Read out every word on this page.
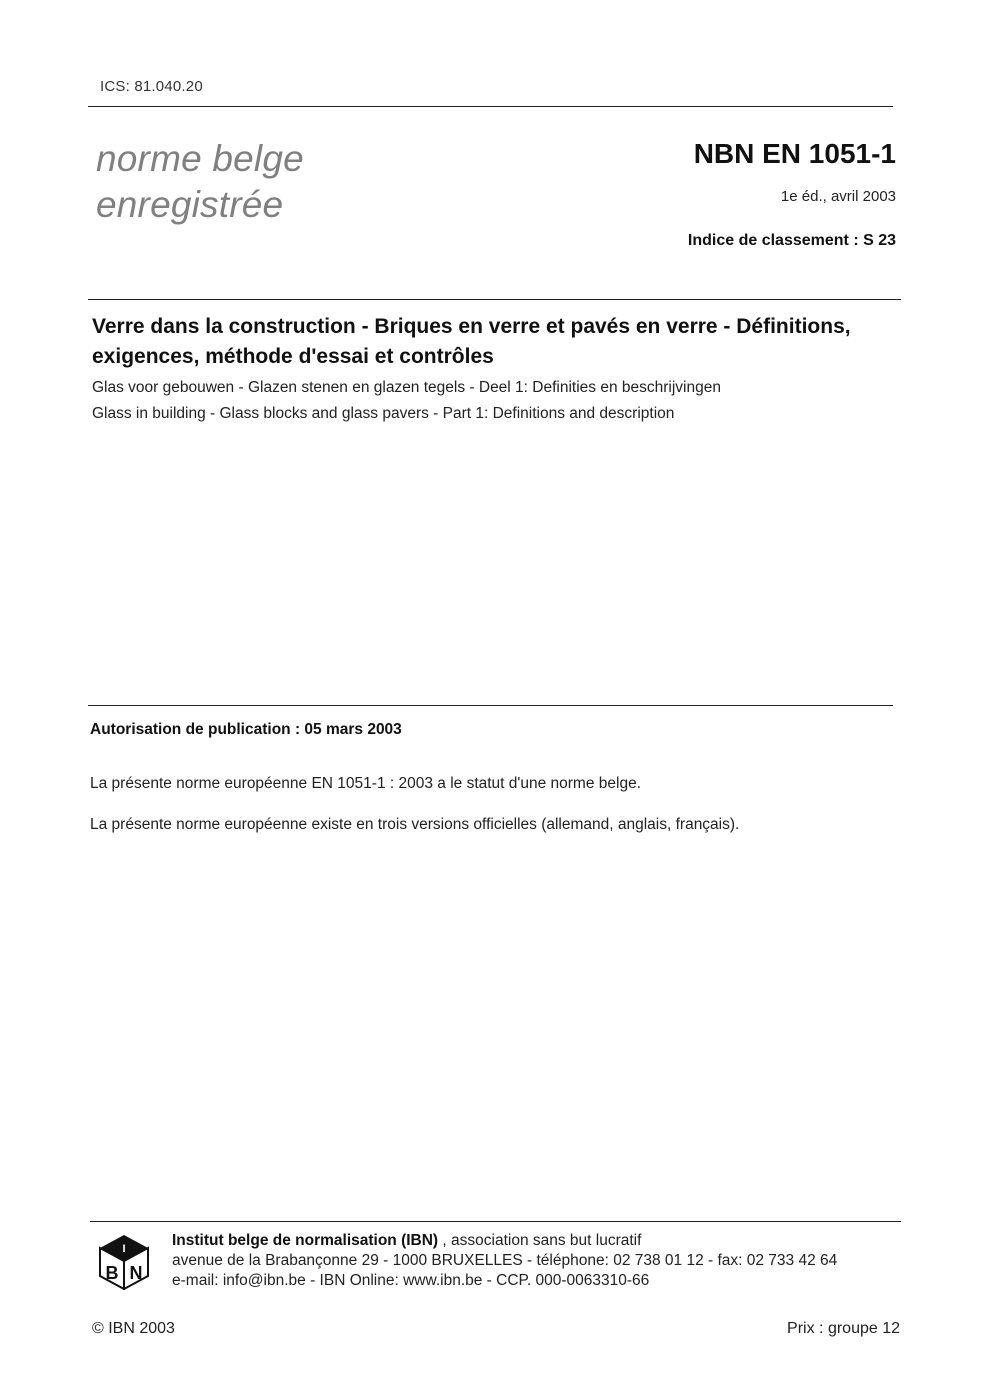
ICS: 81.040.20
norme belge
enregistrée
NBN EN 1051-1
1e éd., avril 2003
Indice de classement : S 23
Verre dans la construction - Briques en verre et pavés en verre - Définitions, exigences, méthode d'essai et contrôles
Glas voor gebouwen - Glazen stenen en glazen tegels - Deel 1: Definities en beschrijvingen
Glass in building - Glass blocks and glass pavers - Part 1: Definitions and description
Autorisation de publication : 05 mars 2003
La présente norme européenne EN 1051-1 : 2003 a le statut d'une norme belge.
La présente norme européenne existe en trois versions officielles (allemand, anglais, français).
I
B N
Institut belge de normalisation (IBN) , association sans but lucratif
avenue de la Brabançonne 29 - 1000 BRUXELLES - téléphone: 02 738 01 12 - fax: 02 733 42 64
e-mail: info@ibn.be - IBN Online: www.ibn.be - CCP. 000-0063310-66
© IBN 2003	Prix : groupe 12
